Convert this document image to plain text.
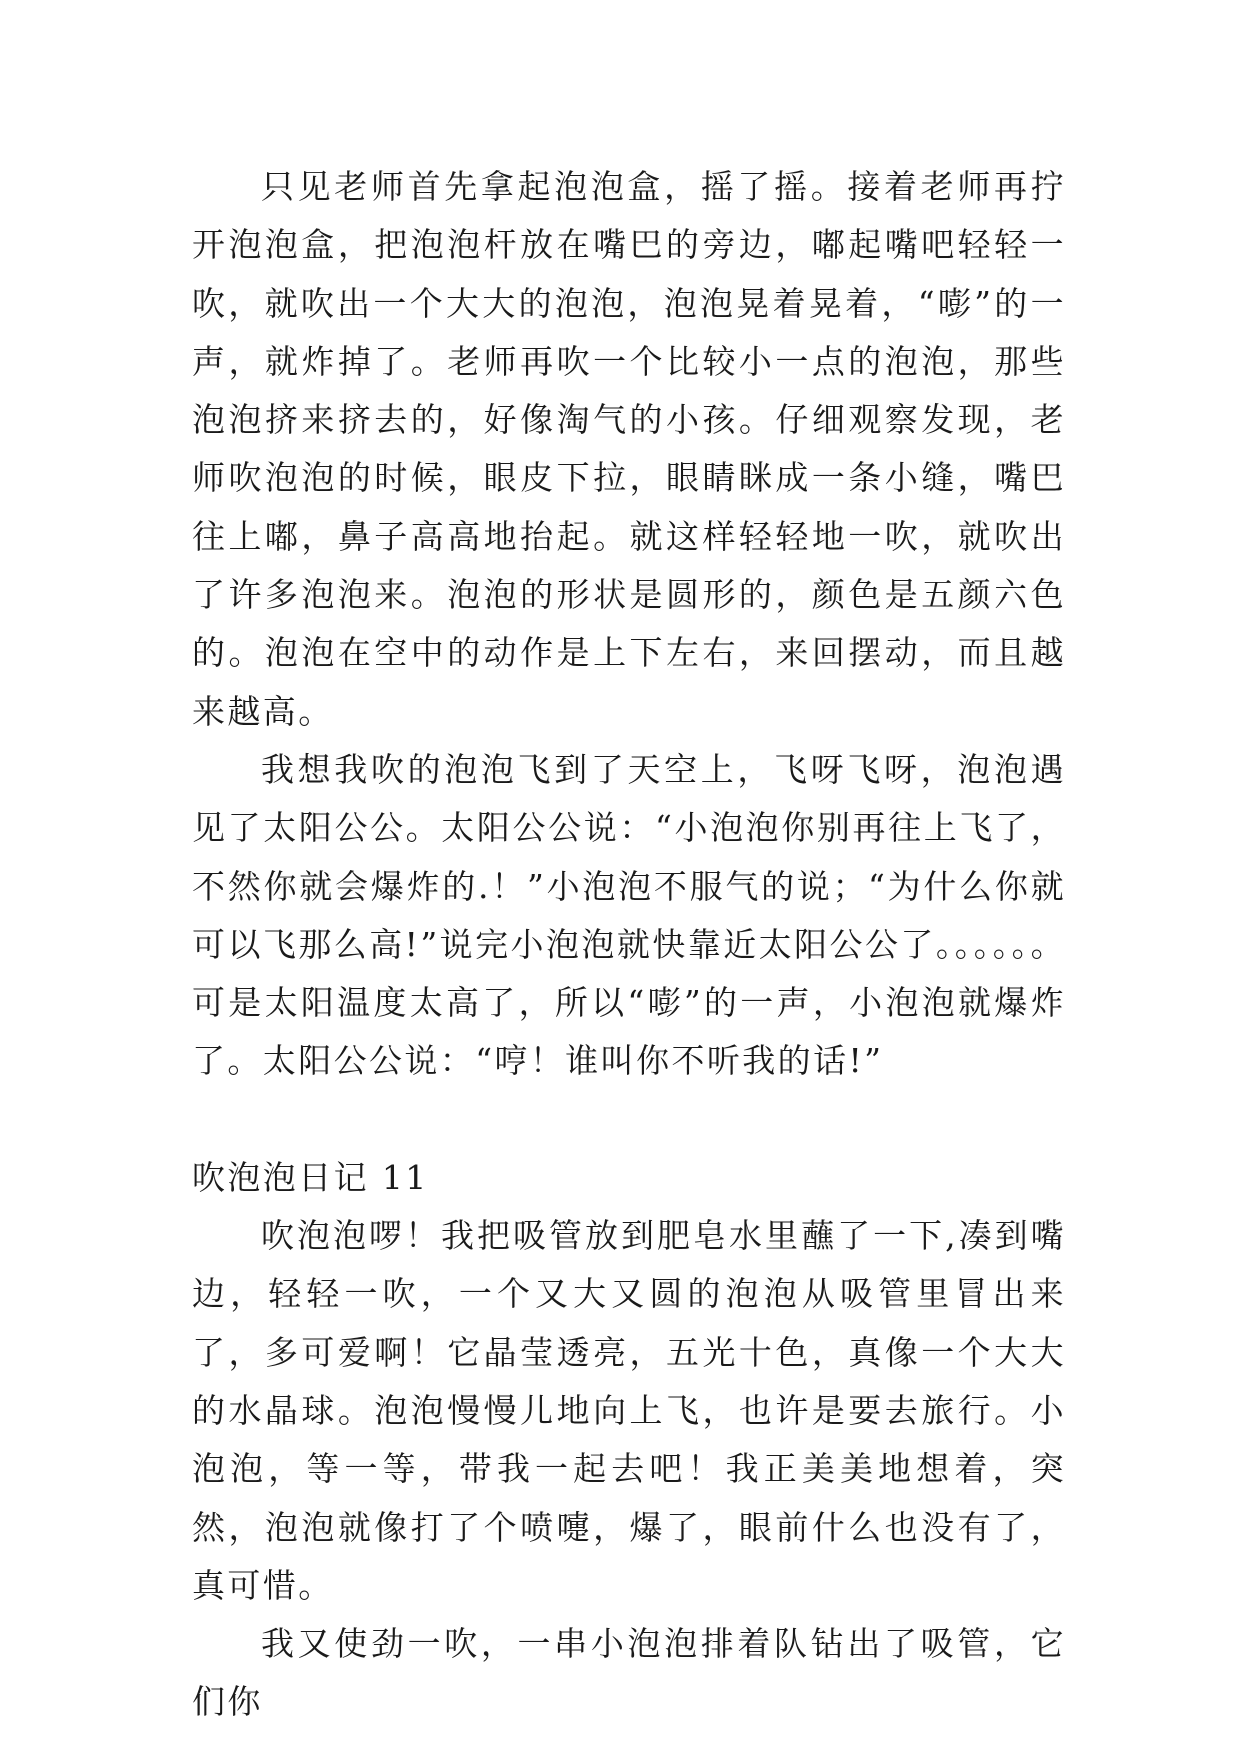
只见老师首先拿起泡泡盒，摇了摇。接着老师再拧开泡泡盒，把泡泡杆放在嘴巴的旁边，嘟起嘴吧轻轻一吹，就吹出一个大大的泡泡，泡泡晃着晃着，“嘭”的一声，就炸掉了。老师再吹一个比较小一点的泡泡，那些泡泡挤来挤去的，好像淘气的小孩。仔细观察发现，老师吹泡泡的时候，眼皮下拉，眼睛眯成一条小缝，嘴巴往上嘟，鼻子高高地抬起。就这样轻轻地一吹，就吹出了许多泡泡来。泡泡的形状是圆形的，颜色是五颜六色的。泡泡在空中的动作是上下左右，来回摆动，而且越来越高。

我想我吹的泡泡飞到了天空上，飞呀飞呀，泡泡遇见了太阳公公。太阳公公说：“小泡泡你别再往上飞了，不然你就会爆炸的.！”小泡泡不服气的说；“为什么你就可以飞那么高!”说完小泡泡就快靠近太阳公公了。。。。。。可是太阳温度太高了，所以“嘭”的一声，小泡泡就爆炸了。太阳公公说：“哼！谁叫你不听我的话!”

吹泡泡日记 11

吹泡泡啰！我把吸管放到肥皂水里蘸了一下,凑到嘴边，轻轻一吹，一个又大又圆的泡泡从吸管里冒出来了，多可爱啊！它晶莹透亮，五光十色，真像一个大大的水晶球。泡泡慢慢儿地向上飞，也许是要去旅行。小泡泡，等一等，带我一起去吧！我正美美地想着，突然，泡泡就像打了个喷嚏，爆了，眼前什么也没有了，真可惜。

我又使劲一吹，一串小泡泡排着队钻出了吸管，它们你
